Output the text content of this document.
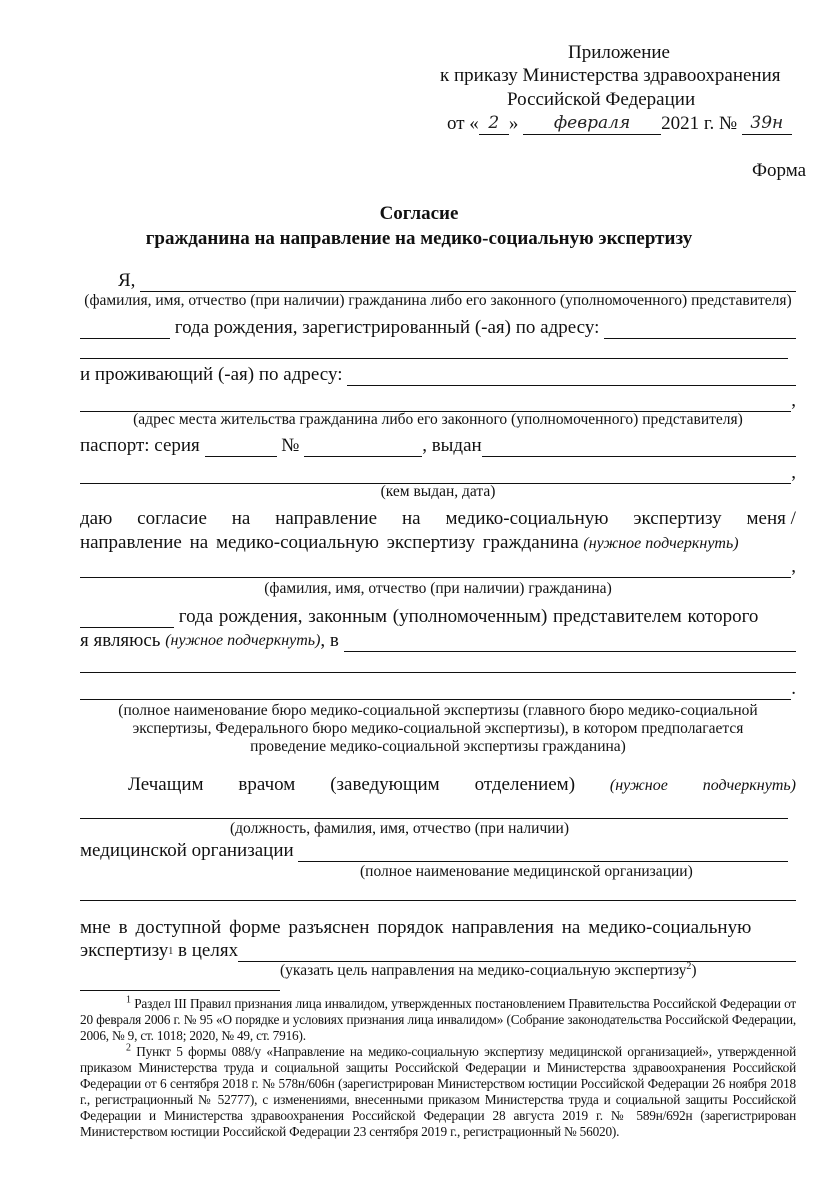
Приложение
к приказу Министерства здравоохранения
Российской Федерации
от « 2 »
	февраля	2021 г. №
39н
Форма
Согласие
гражданина на направление на медико-социальную экспертизу
Я,

(фамилия, имя, отчество (при наличии) гражданина либо его законного (уполномоченного) представителя)

года рождения, зарегистрированный (-ая) по адресу:

и проживающий (-ая) по адресу:

,
(адрес места жительства гражданина либо его законного (уполномоченного) представителя)
паспорт: серия

	№
	, выдан
,
(кем выдан, дата)
даю согласие на направление на медико-социальную экспертизу меня /
направление на медико-социальную экспертизу гражданина (нужное подчеркнуть)
,
(фамилия, имя, отчество (при наличии) гражданина)

года рождения, законным (уполномоченным) представителем которого
я являюсь
(нужное подчеркнуть) , в

.
(полное наименование бюро медико-социальной экспертизы (главного бюро медико-социальной
экспертизы, Федерального бюро медико-социальной экспертизы), в котором предполагается
проведение медико-социальной экспертизы гражданина)
Лечащим врачом (заведующим отделением) (нужное подчеркнуть)
(должность, фамилия, имя, отчество (при наличии)
медицинской организации

(полное наименование медицинской организации)
мне в доступной форме разъяснен порядок направления на медико-социальную
экспертизу$^1$
в целях
(указать цель направления на медико-социальную экспертизу$^2$)

$^1$ Раздел III Правил признания лица инвалидом, утвержденных постановлением Правительства Российской Федерации от 20 февраля 2006 г. № 95 «О порядке и условиях признания лица инвалидом» (Собрание законодательства Российской Федерации, 2006, № 9, ст. 1018; 2020, № 49, ст. 7916).

$^2$ Пункт 5 формы 088/у «Направление на медико-социальную экспертизу медицинской организацией», утвержденной приказом Министерства труда и социальной защиты Российской Федерации и Министерства здравоохранения Российской Федерации от 6 сентября 2018 г. № 578н/606н (зарегистрирован Министерством юстиции Российской Федерации 26 ноября 2018 г., регистрационный № 52777), с изменениями, внесенными приказом Министерства труда и социальной защиты Российской Федерации и Министерства здравоохранения Российской Федерации 28 августа 2019 г. № 589н/692н (зарегистрирован Министерством юстиции Российской Федерации 23 сентября 2019 г., регистрационный № 56020).
